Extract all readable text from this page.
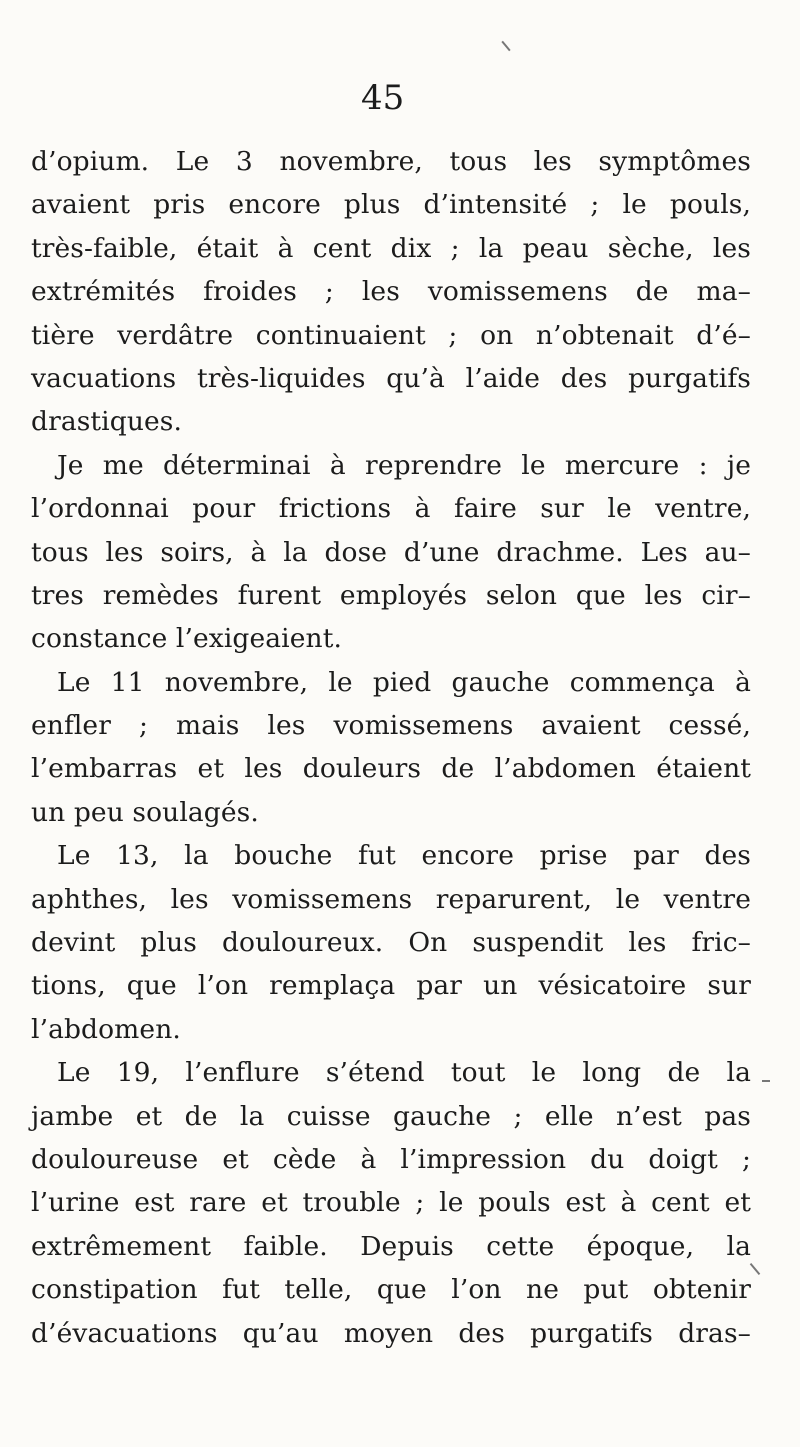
45
d’opium. Le 3 novembre, tous les symptômes
avaient pris encore plus d’intensité ; le pouls,
très-faible, était à cent dix ; la peau sèche, les
extrémités froides ; les vomissemens de ma–
tière verdâtre continuaient ; on n’obtenait d’é–
vacuations très-liquides qu’à l’aide des purgatifs
drastiques.
Je me déterminai à reprendre le mercure : je
l’ordonnai pour frictions à faire sur le ventre,
tous les soirs, à la dose d’une drachme. Les au–
tres remèdes furent employés selon que les cir–
constance l’exigeaient.
Le 11 novembre, le pied gauche commença à
enfler ; mais les vomissemens avaient cessé,
l’embarras et les douleurs de l’abdomen étaient
un peu soulagés.
Le 13, la bouche fut encore prise par des
aphthes, les vomissemens reparurent, le ventre
devint plus douloureux. On suspendit les fric–
tions, que l’on remplaça par un vésicatoire sur
l’abdomen.
Le 19, l’enflure s’étend tout le long de la
jambe et de la cuisse gauche ; elle n’est pas
douloureuse et cède à l’impression du doigt ;
l’urine est rare et trouble ; le pouls est à cent et
extrêmement faible. Depuis cette époque, la
constipation fut telle, que l’on ne put obtenir
d’évacuations qu’au moyen des purgatifs dras–
